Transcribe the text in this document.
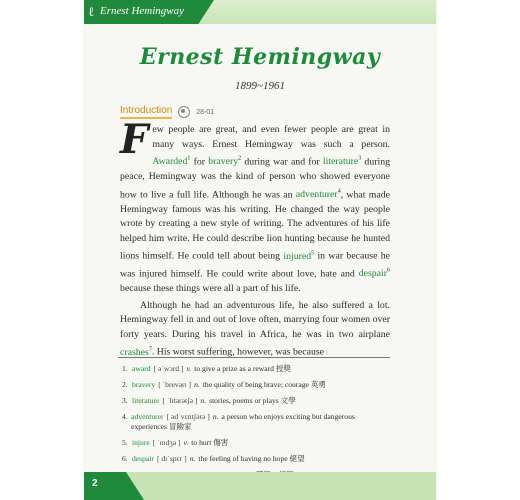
ℓ Ernest Hemingway
Ernest Hemingway
1899~1961
Introduction	28-01

Few people are great, and even fewer people are great in many ways. Ernest Hemingway was such a person. Awarded$^1$ for bravery$^2$ during war and for literature$^3$ during peace, Hemingway was the kind of person who showed everyone how to live a full life. Although he was an adventurer$^4$, what made Hemingway famous was his writing. He changed the way people wrote by creating a new style of writing. The adventures of his life helped him write. He could describe lion hunting because he hunted lions himself. He could tell about being injured$^5$ in war because he was injured himself. He could write about love, hate and despair$^6$ because these things were all a part of his life.

Although he had an adventurous life, he also suffered a lot. Hemingway fell in and out of love often, marrying four women over forty years. During his travel in Africa, he was in two airplane crashes$^7$. His worst suffering, however, was because

1. award [ əˈwɔrd ] v. to give a prize as a reward 授獎
2. bravery [ ˈbrevərɪ ] n. the quality of being brave; courage 英勇
3. literature [ ˈlɪtərətʃə ] n. stories, poems or plays 文學
4. adventurer [ ədˈvɛntʃərə ] n. a person who enjoys exciting but dangerous experiences 冒險家
5. injure [ ˈɪndʒə ] v. to hurt 傷害
6. despair [ dɪˈspɛr ] n. the feeling of having no hope 絕望
2
